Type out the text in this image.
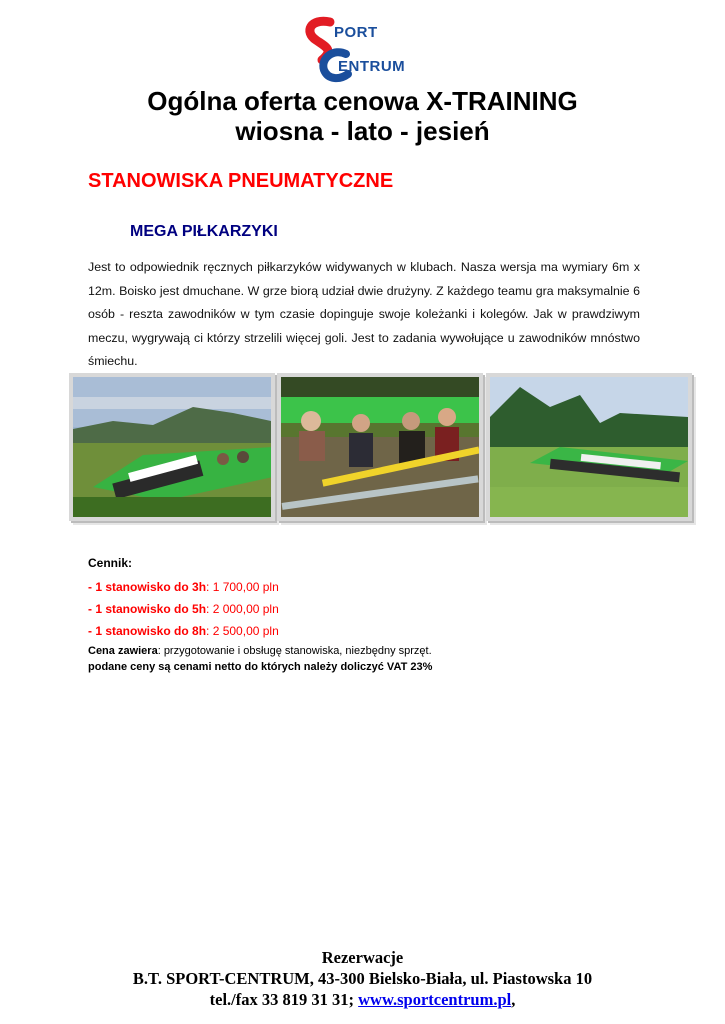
PORT
ENTRUM
Ogólna oferta cenowa X-TRAINING
wiosna - lato - jesień
STANOWISKA PNEUMATYCZNE
MEGA PIŁKARZYKI
Jest to odpowiednik ręcznych piłkarzyków widywanych w klubach. Nasza wersja ma wymiary 6m x 12m. Boisko jest dmuchane. W grze biorą udział dwie drużyny. Z każdego teamu gra maksymalnie 6 osób - reszta zawodników w tym czasie dopinguje swoje koleżanki i kolegów. Jak w prawdziwym meczu, wygrywają ci którzy strzelili więcej goli. Jest to zadania wywołujące u zawodników mnóstwo śmiechu.
Cennik:
- 1 stanowisko do 3h: 1 700,00 pln
- 1 stanowisko do 5h: 2 000,00 pln
- 1 stanowisko do 8h: 2 500,00 pln
Cena zawiera: przygotowanie i obsługę stanowiska, niezbędny sprzęt.
podane ceny są cenami netto do których należy doliczyć VAT 23%
Rezerwacje
B.T. SPORT-CENTRUM, 43-300 Bielsko-Biała, ul. Piastowska 10
tel./fax 33 819 31 31; www.sportcentrum.pl,
